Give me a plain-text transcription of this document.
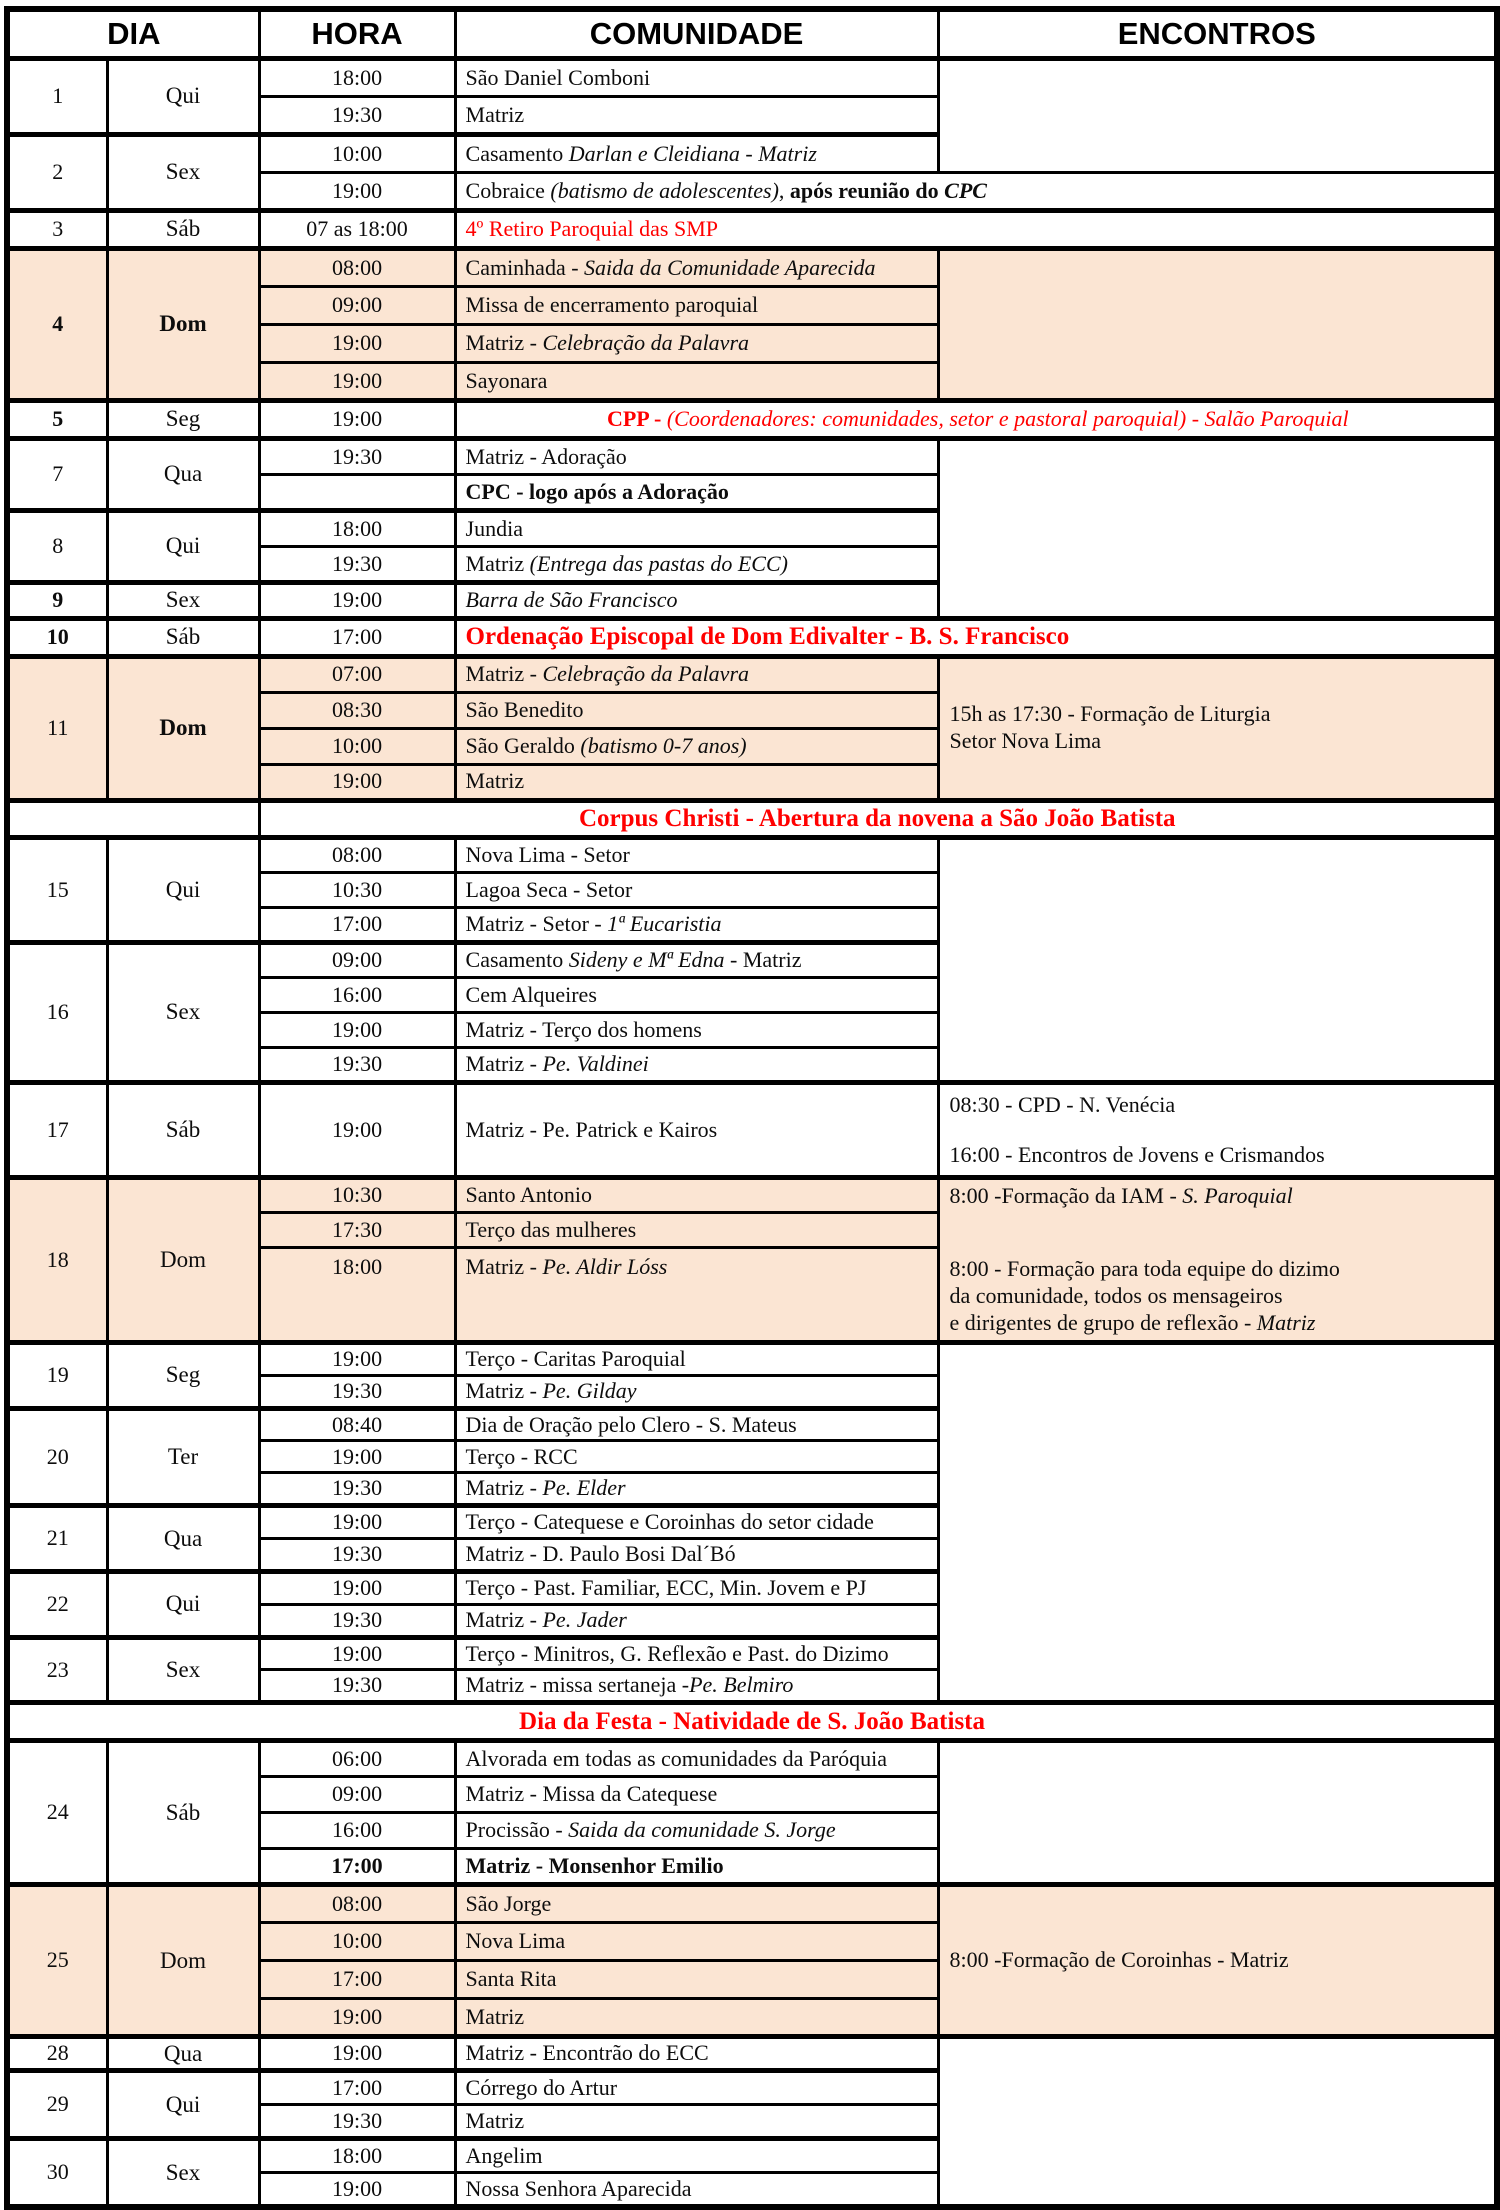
DIA		HORA	COMUNIDADE	ENCONTROS

1	Qui	18:00	São Daniel Comboni	

		19:30	Matriz	

2	Sex	10:00	Casamento Darlan e Cleidiana - Matriz	

		19:00	Cobraice (batismo de adolescentes), após reunião do CPC	

3	Sáb	07 as 18:00	4º Retiro Paroquial das SMP	

4	Dom	08:00	Caminhada - Saida da Comunidade Aparecida	

		09:00	Missa de encerramento paroquial	

		19:00	Matriz - Celebração da Palavra	

		19:00	Sayonara	

5	Seg	19:00	CPP - (Coordenadores: comunidades, setor e pastoral paroquial) - Salão Paroquial	

7	Qua	19:30	Matriz - Adoração	

			CPC - logo após a Adoração	

8	Qui	18:00	Jundia	

		19:30	Matriz (Entrega das pastas do ECC)	

9	Sex	19:00	Barra de São Francisco	

10	Sáb	17:00	Ordenação Episcopal de Dom Edivalter - B. S. Francisco	

11	Dom	07:00	Matriz - Celebração da Palavra	15h as 17:30 - Formação de Liturgia
Setor Nova Lima

		08:30	São Benedito	

		10:00	São Geraldo (batismo 0-7 anos)	

		19:00	Matriz	

		Corpus Christi - Abertura da novena a São João Batista		

15	Qui	08:00	Nova Lima - Setor	

		10:30	Lagoa Seca - Setor	

		17:00	Matriz - Setor - 1ª Eucaristia	

16	Sex	09:00	Casamento Sideny e Mª Edna - Matriz	

		16:00	Cem Alqueires	

		19:00	Matriz - Terço dos homens	

		19:30	Matriz - Pe. Valdinei	

17	Sáb	19:00	Matriz - Pe. Patrick e Kairos	08:30 - CPD - N. Venécia
16:00 - Encontros de Jovens e Crismandos

18	Dom	10:30	Santo Antonio	8:00 -Formação da IAM - S. Paroquial
8:00 - Formação para toda equipe do dizimo
da comunidade, todos os mensageiros
e dirigentes de grupo de reflexão - Matriz

		17:30	Terço das mulheres	

		18:00	Matriz - Pe. Aldir Lóss	

19	Seg	19:00	Terço - Caritas Paroquial	

		19:30	Matriz - Pe. Gilday	

20	Ter	08:40	Dia de Oração pelo Clero - S. Mateus	

		19:00	Terço - RCC	

		19:30	Matriz - Pe. Elder	

21	Qua	19:00	Terço - Catequese e Coroinhas do setor cidade	

		19:30	Matriz - D. Paulo Bosi Dal´Bó	

22	Qui	19:00	Terço - Past. Familiar, ECC, Min. Jovem e PJ	

		19:30	Matriz - Pe. Jader	

23	Sex	19:00	Terço - Minitros, G. Reflexão e Past. do Dizimo	

		19:30	Matriz - missa sertaneja -Pe. Belmiro	

Dia da Festa - Natividade de S. João Batista				

24	Sáb	06:00	Alvorada em todas as comunidades da Paróquia	

		09:00	Matriz - Missa da Catequese	

		16:00	Procissão - Saida da comunidade S. Jorge	

		17:00	Matriz - Monsenhor Emilio	

25	Dom	08:00	São Jorge	8:00 -Formação de Coroinhas - Matriz

		10:00	Nova Lima	

		17:00	Santa Rita	

		19:00	Matriz	

28	Qua	19:00	Matriz - Encontrão do ECC	

29	Qui	17:00	Córrego do Artur	

		19:30	Matriz	

30	Sex	18:00	Angelim	

		19:00	Nossa Senhora Aparecida	
